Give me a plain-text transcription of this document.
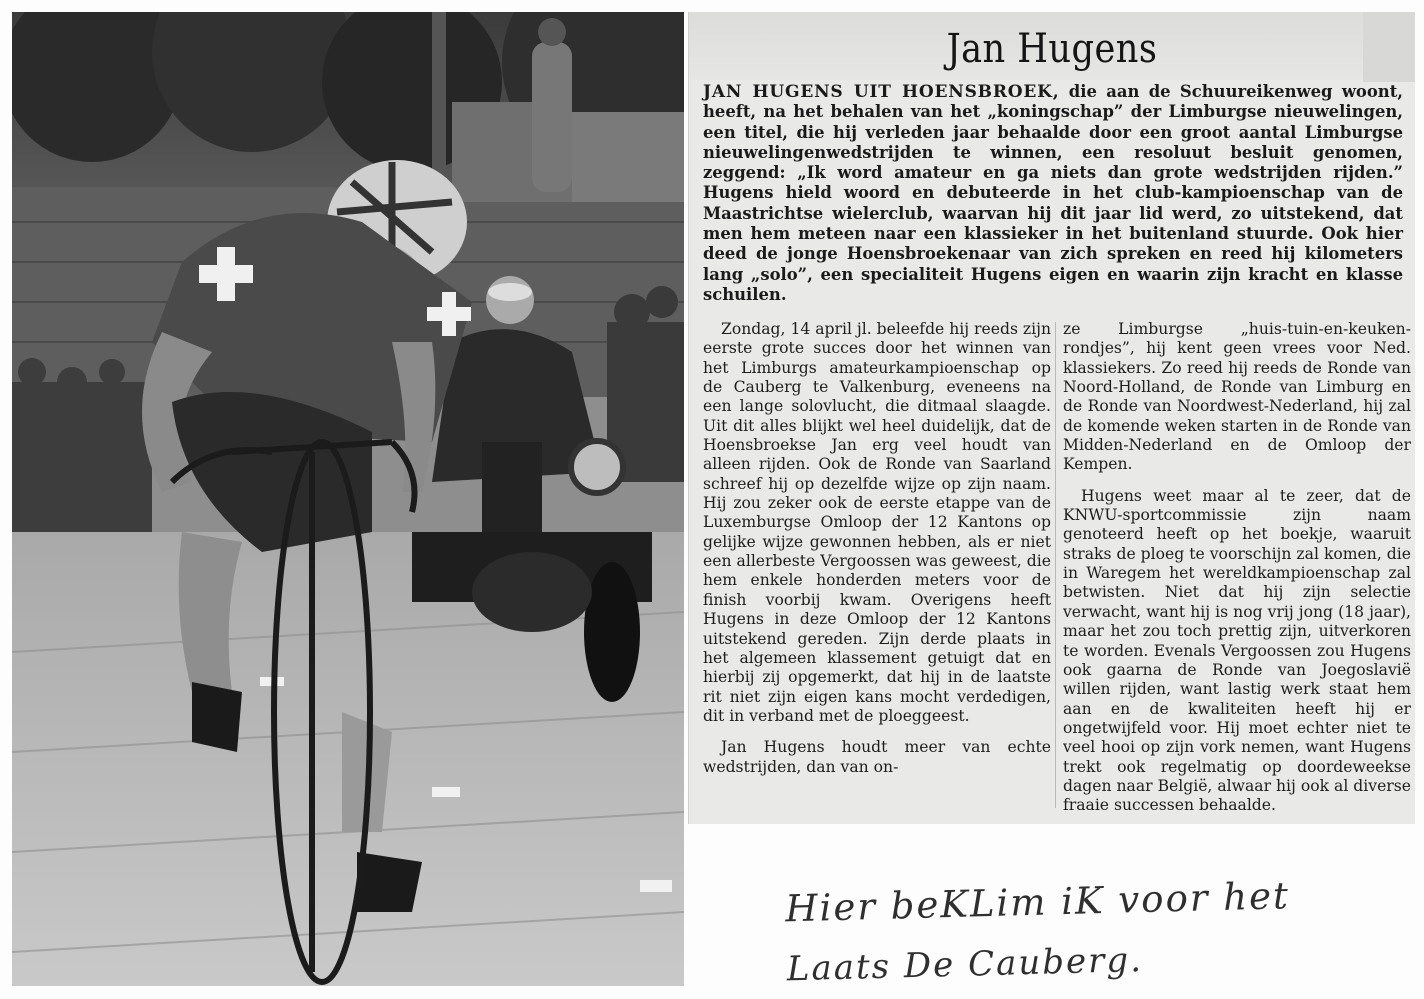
Jan Hugens

JAN HUGENS UIT HOENSBROEK, die aan de Schuureikenweg woont, heeft, na het behalen van het „koningschap” der Limburgse nieuwelingen, een titel, die hij verleden jaar behaalde door een groot aantal Limburgse nieuwelingenwedstrijden te winnen, een resoluut besluit genomen, zeggend: „Ik word amateur en ga niets dan grote wedstrijden rijden.” Hugens hield woord en debuteerde in het club-kampioenschap van de Maastrichtse wielerclub, waarvan hij dit jaar lid werd, zo uitstekend, dat men hem meteen naar een klassieker in het buitenland stuurde. Ook hier deed de jonge Hoensbroekenaar van zich spreken en reed hij kilometers lang „solo”, een specialiteit Hugens eigen en waarin zijn kracht en klasse schuilen.

Zondag, 14 april jl. beleefde hij reeds zijn eerste grote succes door het winnen van het Limburgs amateurkampioenschap op de Cauberg te Valkenburg, eveneens na een lange solovlucht, die ditmaal slaagde. Uit dit alles blijkt wel heel duidelijk, dat de Hoensbroekse Jan erg veel houdt van alleen rijden. Ook de Ronde van Saarland schreef hij op dezelfde wijze op zijn naam. Hij zou zeker ook de eerste etappe van de Luxemburgse Omloop der 12 Kantons op gelijke wijze gewonnen hebben, als er niet een allerbeste Vergoossen was geweest, die hem enkele honderden meters voor de finish voorbij kwam. Overigens heeft Hugens in deze Omloop der 12 Kantons uitstekend gereden. Zijn derde plaats in het algemeen klassement getuigt dat en hierbij zij opgemerkt, dat hij in de laatste rit niet zijn eigen kans mocht verdedigen, dit in verband met de ploeggeest.

Jan Hugens houdt meer van echte wedstrijden, dan van on-

ze Limburgse „huis-tuin-en-keuken-rondjes”, hij kent geen vrees voor Ned. klassiekers. Zo reed hij reeds de Ronde van Noord-Holland, de Ronde van Limburg en de Ronde van Noordwest-Nederland, hij zal de komende weken starten in de Ronde van Midden-Nederland en de Omloop der Kempen.

Hugens weet maar al te zeer, dat de KNWU-sportcommissie zijn naam genoteerd heeft op het boekje, waaruit straks de ploeg te voorschijn zal komen, die in Waregem het wereldkampioenschap zal betwisten. Niet dat hij zijn selectie verwacht, want hij is nog vrij jong (18 jaar), maar het zou toch prettig zijn, uitverkoren te worden. Evenals Vergoossen zou Hugens ook gaarna de Ronde van Joegoslavië willen rijden, want lastig werk staat hem aan en de kwaliteiten heeft hij er ongetwijfeld voor. Hij moet echter niet te veel hooi op zijn vork nemen, want Hugens trekt ook regelmatig op doordeweekse dagen naar België, alwaar hij ook al diverse fraaie successen behaalde.

Hier beKLim iK voor het
Laats De Cauberg.
